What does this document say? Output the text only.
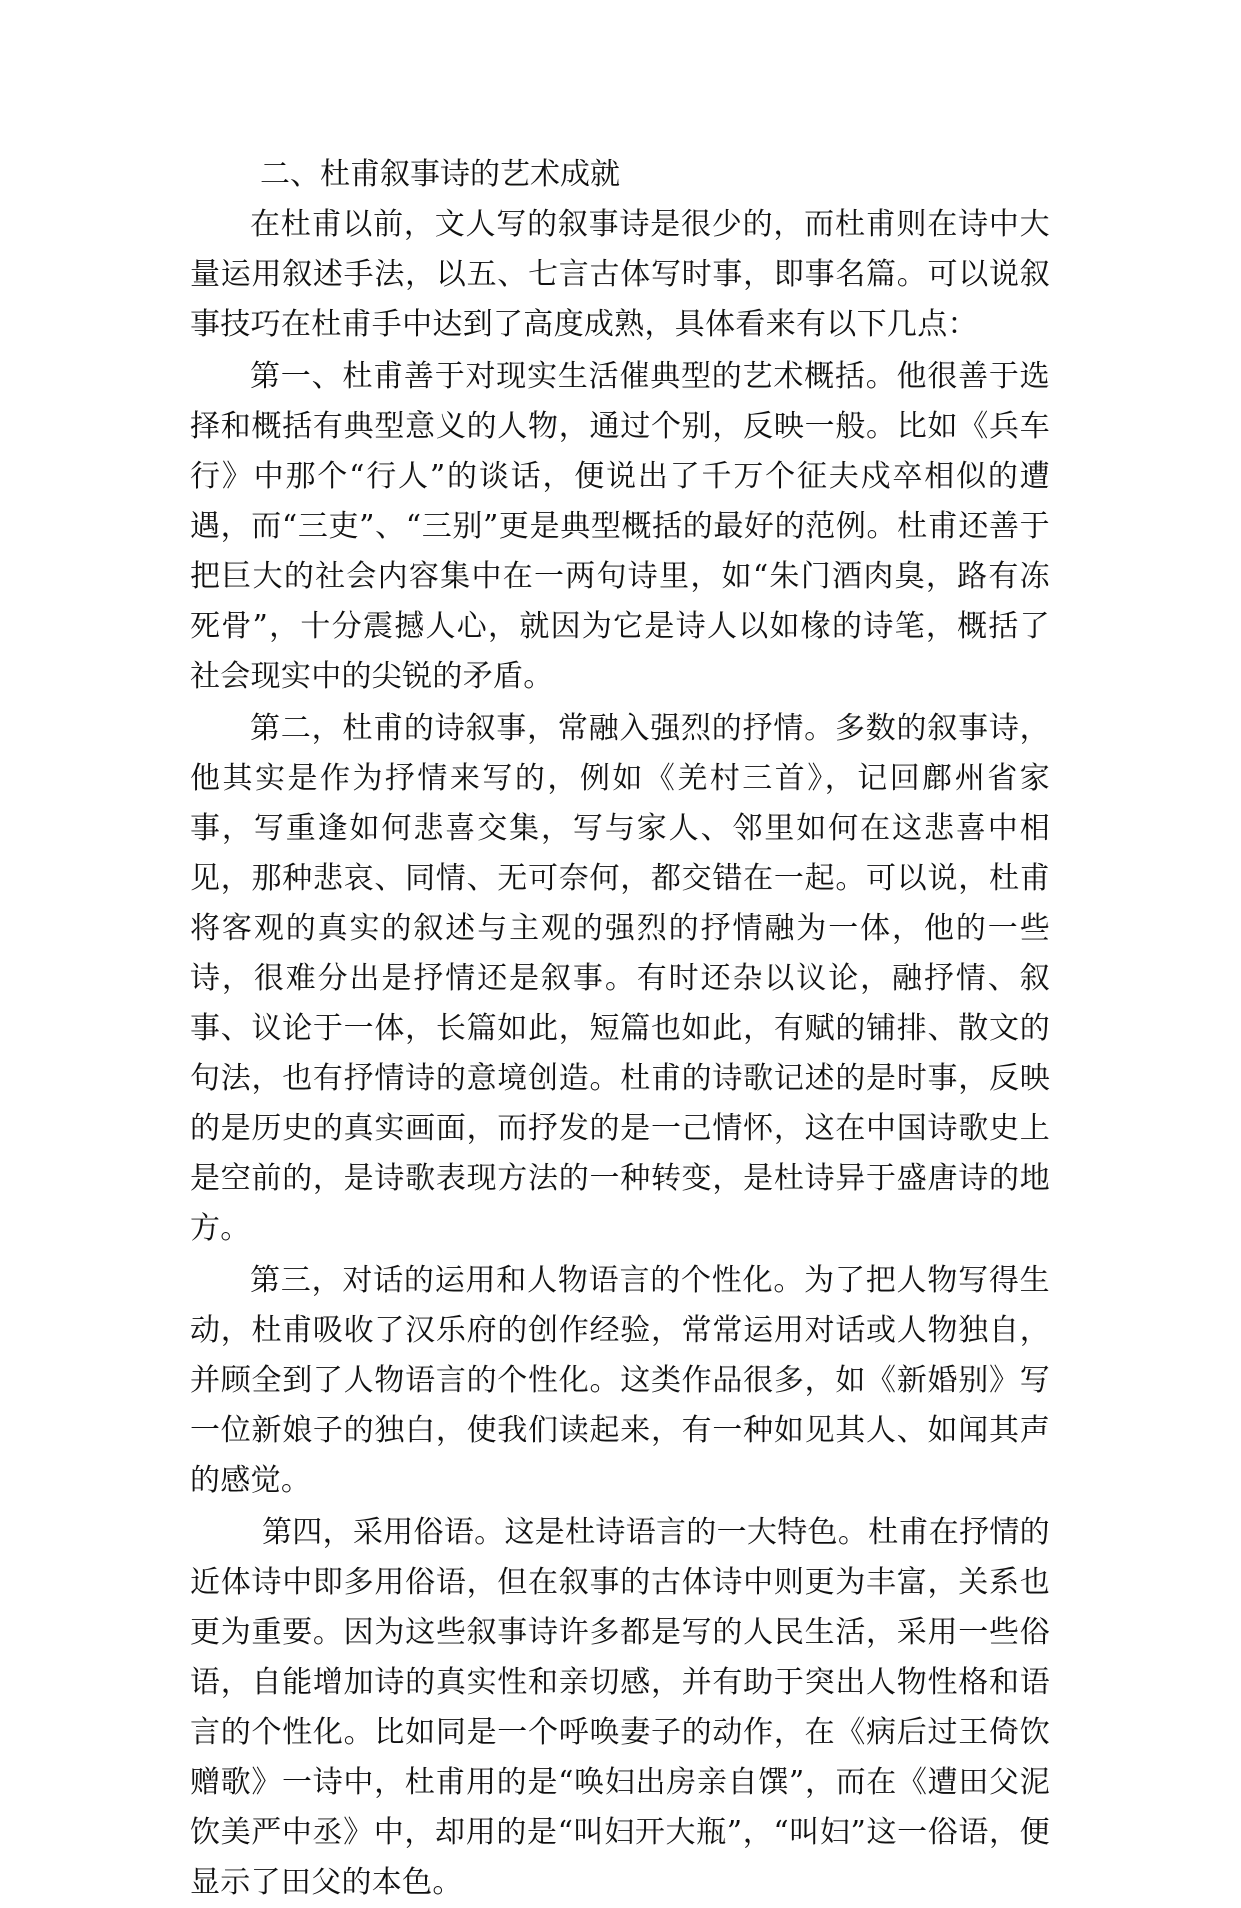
二、杜甫叙事诗的艺术成就

在杜甫以前，文人写的叙事诗是很少的，而杜甫则在诗中大量运用叙述手法，以五、七言古体写时事，即事名篇。可以说叙事技巧在杜甫手中达到了高度成熟，具体看来有以下几点：

第一、杜甫善于对现实生活催典型的艺术概括。他很善于选择和概括有典型意义的人物，通过个别，反映一般。比如《兵车行》中那个“行人”的谈话，便说出了千万个征夫戍卒相似的遭遇，而“三吏”、“三别”更是典型概括的最好的范例。杜甫还善于把巨大的社会内容集中在一两句诗里，如“朱门酒肉臭，路有冻死骨”，十分震撼人心，就因为它是诗人以如椽的诗笔，概括了社会现实中的尖锐的矛盾。

第二，杜甫的诗叙事，常融入强烈的抒情。多数的叙事诗，他其实是作为抒情来写的，例如《羌村三首》，记回鄜州省家事，写重逢如何悲喜交集，写与家人、邻里如何在这悲喜中相见，那种悲哀、同情、无可奈何，都交错在一起。可以说，杜甫将客观的真实的叙述与主观的强烈的抒情融为一体，他的一些诗，很难分出是抒情还是叙事。有时还杂以议论，融抒情、叙事、议论于一体，长篇如此，短篇也如此，有赋的铺排、散文的句法，也有抒情诗的意境创造。杜甫的诗歌记述的是时事，反映的是历史的真实画面，而抒发的是一己情怀，这在中国诗歌史上是空前的，是诗歌表现方法的一种转变，是杜诗异于盛唐诗的地方。

第三，对话的运用和人物语言的个性化。为了把人物写得生动，杜甫吸收了汉乐府的创作经验，常常运用对话或人物独自，并顾全到了人物语言的个性化。这类作品很多，如《新婚别》写一位新娘子的独白，使我们读起来，有一种如见其人、如闻其声的感觉。

第四，采用俗语。这是杜诗语言的一大特色。杜甫在抒情的近体诗中即多用俗语，但在叙事的古体诗中则更为丰富，关系也更为重要。因为这些叙事诗许多都是写的人民生活，采用一些俗语，自能增加诗的真实性和亲切感，并有助于突出人物性格和语言的个性化。比如同是一个呼唤妻子的动作，在《病后过王倚饮赠歌》一诗中，杜甫用的是“唤妇出房亲自馔”，而在《遭田父泥饮美严中丞》中，却用的是“叫妇开大瓶”，“叫妇”这一俗语，便显示了田父的本色。
